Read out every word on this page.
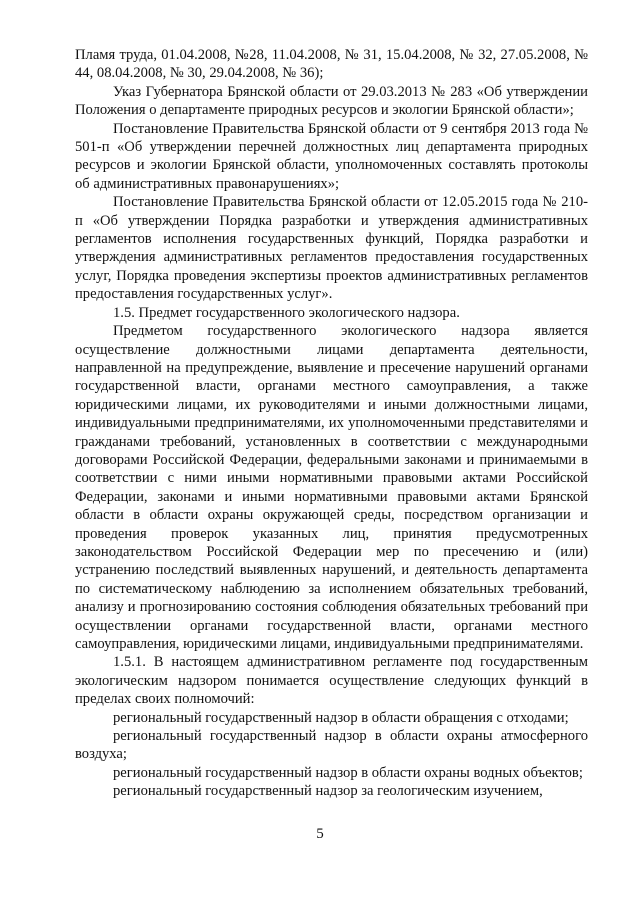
Пламя труда, 01.04.2008, №28, 11.04.2008, № 31, 15.04.2008, № 32, 27.05.2008, № 44, 08.04.2008, № 30, 29.04.2008, № 36);

Указ Губернатора Брянской области от 29.03.2013 № 283 «Об утверждении Положения о департаменте природных ресурсов и экологии Брянской области»;

Постановление Правительства Брянской области от 9 сентября 2013 года № 501-п «Об утверждении перечней должностных лиц департамента природных ресурсов и экологии Брянской области, уполномоченных составлять протоколы об административных правонарушениях»;

Постановление Правительства Брянской области от 12.05.2015 года № 210-п «Об утверждении Порядка разработки и утверждения административных регламентов исполнения государственных функций, Порядка разработки и утверждения административных регламентов предоставления государственных услуг, Порядка проведения экспертизы проектов административных регламентов предоставления государственных услуг».

1.5. Предмет государственного экологического надзора.

Предметом государственного экологического надзора является осуществление должностными лицами департамента деятельности, направленной на предупреждение, выявление и пресечение нарушений органами государственной власти, органами местного самоуправления, а также юридическими лицами, их руководителями и иными должностными лицами, индивидуальными предпринимателями, их уполномоченными представителями и гражданами требований, установленных в соответствии с международными договорами Российской Федерации, федеральными законами и принимаемыми в соответствии с ними иными нормативными правовыми актами Российской Федерации, законами и иными нормативными правовыми актами Брянской области в области охраны окружающей среды, посредством организации и проведения проверок указанных лиц, принятия предусмотренных законодательством Российской Федерации мер по пресечению и (или) устранению последствий выявленных нарушений, и деятельность департамента по систематическому наблюдению за исполнением обязательных требований, анализу и прогнозированию состояния соблюдения обязательных требований при осуществлении органами государственной власти, органами местного самоуправления, юридическими лицами, индивидуальными предпринимателями.

1.5.1. В настоящем административном регламенте под государственным экологическим надзором понимается осуществление следующих функций в пределах своих полномочий:

региональный государственный надзор в области обращения с отходами;

региональный государственный надзор в области охраны атмосферного воздуха;

региональный государственный надзор в области охраны водных объектов;

региональный государственный надзор за геологическим изучением,

5
